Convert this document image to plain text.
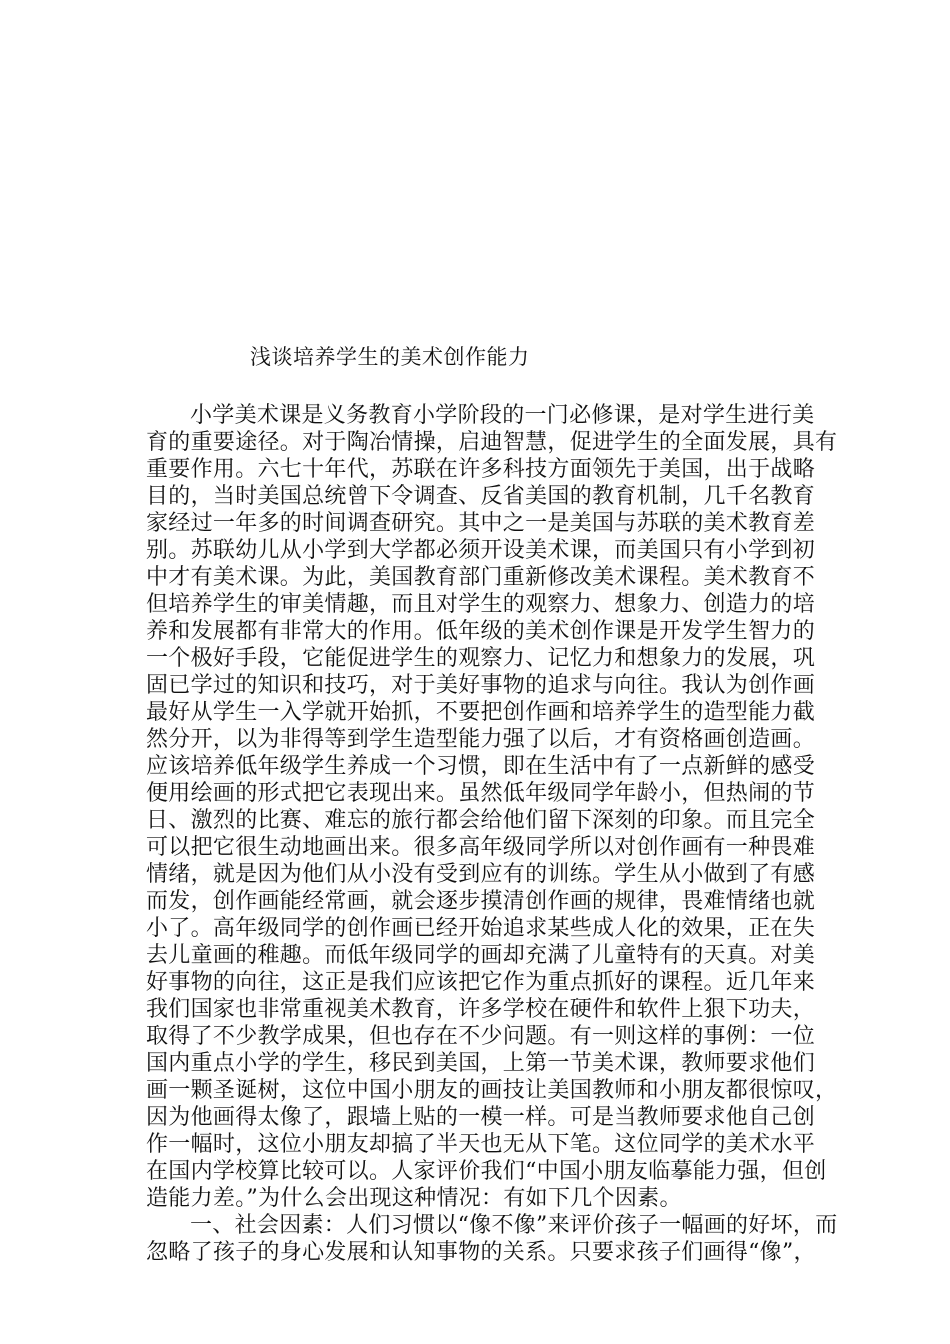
浅谈培养学生的美术创作能力
小学美术课是义务教育小学阶段的一门必修课，是对学生进行美
育的重要途径。对于陶冶情操，启迪智慧，促进学生的全面发展，具有
重要作用。六七十年代，苏联在许多科技方面领先于美国，出于战略
目的，当时美国总统曾下令调查、反省美国的教育机制，几千名教育
家经过一年多的时间调查研究。其中之一是美国与苏联的美术教育差
别。苏联幼儿从小学到大学都必须开设美术课，而美国只有小学到初
中才有美术课。为此，美国教育部门重新修改美术课程。美术教育不
但培养学生的审美情趣，而且对学生的观察力、想象力、创造力的培
养和发展都有非常大的作用。低年级的美术创作课是开发学生智力的
一个极好手段，它能促进学生的观察力、记忆力和想象力的发展，巩
固已学过的知识和技巧，对于美好事物的追求与向往。我认为创作画
最好从学生一入学就开始抓，不要把创作画和培养学生的造型能力截
然分开，以为非得等到学生造型能力强了以后，才有资格画创造画。
应该培养低年级学生养成一个习惯，即在生活中有了一点新鲜的感受
便用绘画的形式把它表现出来。虽然低年级同学年龄小，但热闹的节
日、激烈的比赛、难忘的旅行都会给他们留下深刻的印象。而且完全
可以把它很生动地画出来。很多高年级同学所以对创作画有一种畏难
情绪，就是因为他们从小没有受到应有的训练。学生从小做到了有感
而发，创作画能经常画，就会逐步摸清创作画的规律，畏难情绪也就
小了。高年级同学的创作画已经开始追求某些成人化的效果，正在失
去儿童画的稚趣。而低年级同学的画却充满了儿童特有的天真。对美
好事物的向往，这正是我们应该把它作为重点抓好的课程。近几年来
我们国家也非常重视美术教育，许多学校在硬件和软件上狠下功夫，
取得了不少教学成果，但也存在不少问题。有一则这样的事例：一位
国内重点小学的学生，移民到美国，上第一节美术课，教师要求他们
画一颗圣诞树，这位中国小朋友的画技让美国教师和小朋友都很惊叹，
因为他画得太像了，跟墙上贴的一模一样。可是当教师要求他自己创
作一幅时，这位小朋友却搞了半天也无从下笔。这位同学的美术水平
在国内学校算比较可以。人家评价我们“中国小朋友临摹能力强，但创
造能力差。”为什么会出现这种情况：有如下几个因素。
一、社会因素：人们习惯以“像不像”来评价孩子一幅画的好坏，而
忽略了孩子的身心发展和认知事物的关系。只要求孩子们画得“像”，
